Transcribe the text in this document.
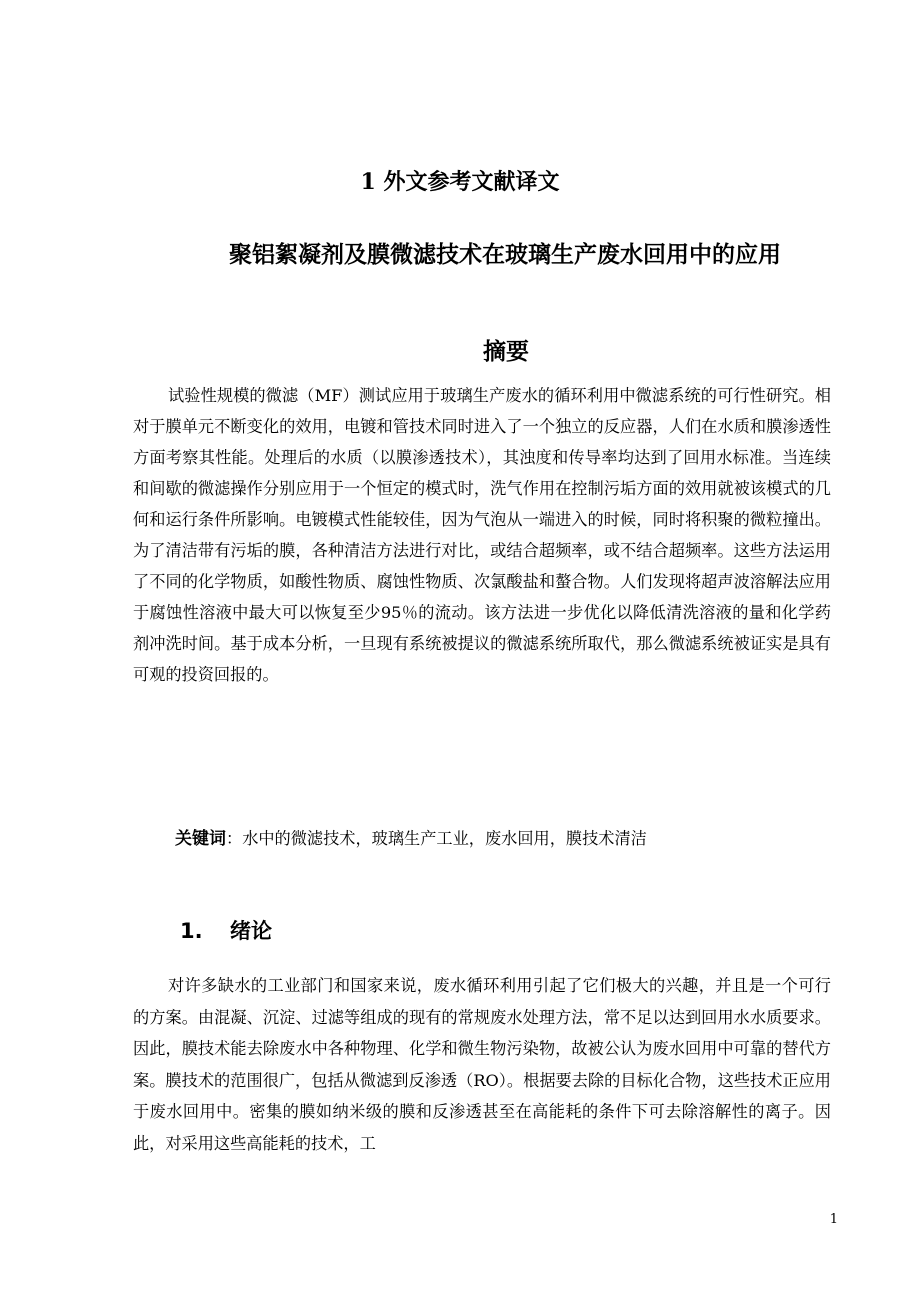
1 外文参考文献译文
聚铝絮凝剂及膜微滤技术在玻璃生产废水回用中的应用
摘要

试验性规模的微滤（MF）测试应用于玻璃生产废水的循环利用中微滤系统的可行性研究。相对于膜单元不断变化的效用，电镀和管技术同时进入了一个独立的反应器，人们在水质和膜渗透性方面考察其性能。处理后的水质（以膜渗透技术），其浊度和传导率均达到了回用水标准。当连续和间歇的微滤操作分别应用于一个恒定的模式时，洗气作用在控制污垢方面的效用就被该模式的几何和运行条件所影响。电镀模式性能较佳，因为气泡从一端进入的时候，同时将积聚的微粒撞出。为了清洁带有污垢的膜，各种清洁方法进行对比，或结合超频率，或不结合超频率。这些方法运用了不同的化学物质，如酸性物质、腐蚀性物质、次氯酸盐和螯合物。人们发现将超声波溶解法应用于腐蚀性溶液中最大可以恢复至少95％的流动。该方法进一步优化以降低清洗溶液的量和化学药剂冲洗时间。基于成本分析，一旦现有系统被提议的微滤系统所取代，那么微滤系统被证实是具有可观的投资回报的。

关键词：水中的微滤技术，玻璃生产工业，废水回用，膜技术清洁
1. 绪论

对许多缺水的工业部门和国家来说，废水循环利用引起了它们极大的兴趣，并且是一个可行的方案。由混凝、沉淀、过滤等组成的现有的常规废水处理方法，常不足以达到回用水水质要求。因此，膜技术能去除废水中各种物理、化学和微生物污染物，故被公认为废水回用中可靠的替代方案。膜技术的范围很广，包括从微滤到反渗透（RO）。根据要去除的目标化合物，这些技术正应用于废水回用中。密集的膜如纳米级的膜和反渗透甚至在高能耗的条件下可去除溶解性的离子。因此，对采用这些高能耗的技术，工

1
